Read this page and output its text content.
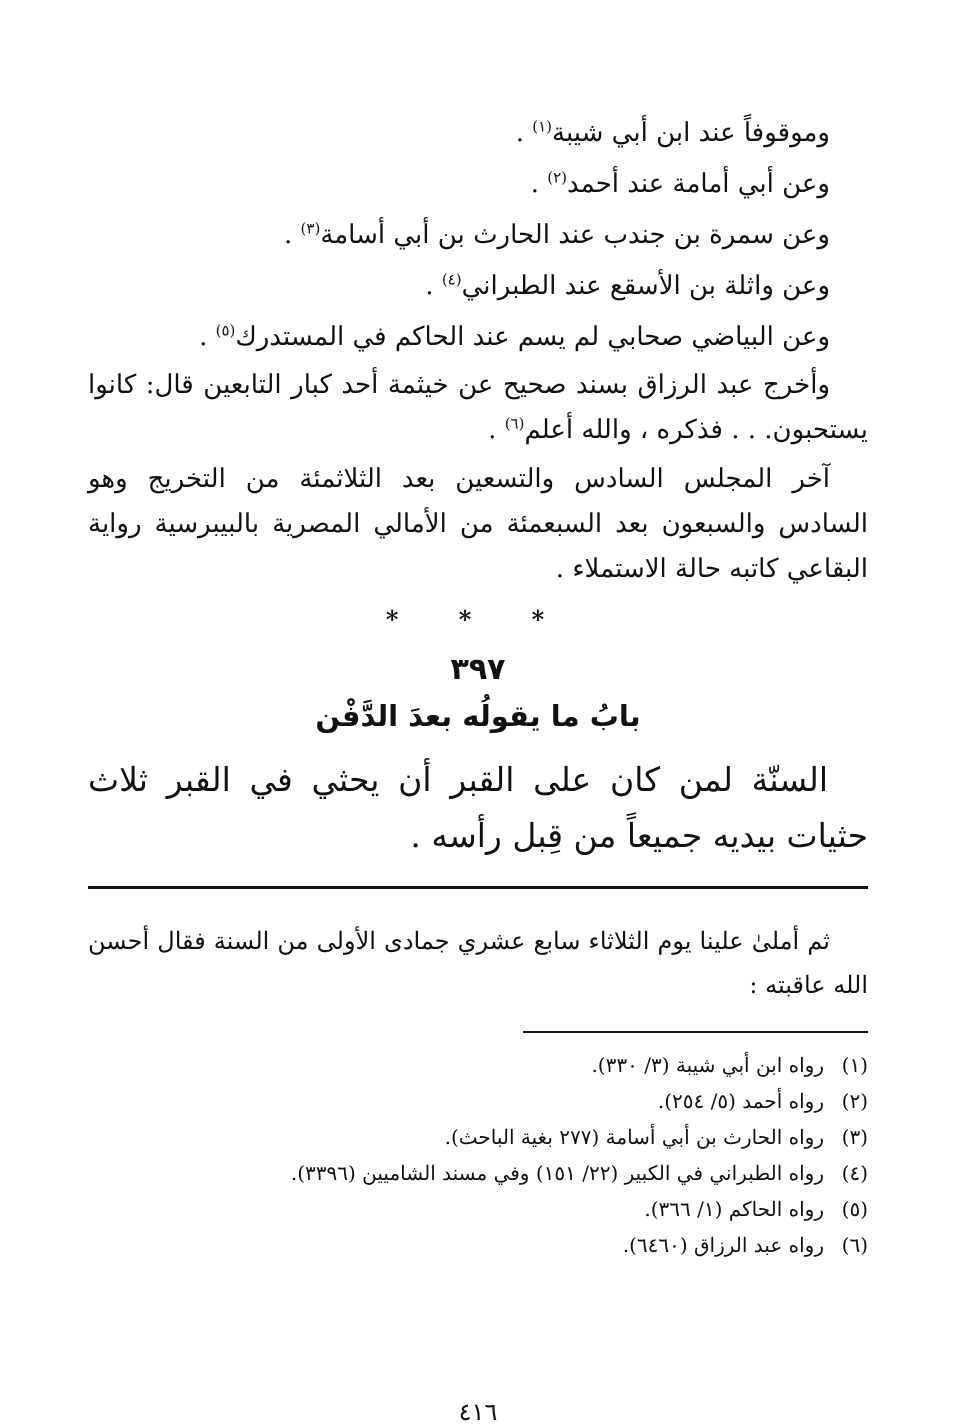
وموقوفاً عند ابن أبي شيبة$^{(١)}$ .
وعن أبي أمامة عند أحمد$^{(٢)}$ .
وعن سمرة بن جندب عند الحارث بن أبي أسامة$^{(٣)}$ .
وعن واثلة بن الأسقع عند الطبراني$^{(٤)}$ .
وعن البياضي صحابي لم يسم عند الحاكم في المستدرك$^{(٥)}$ .

وأخرج عبد الرزاق بسند صحيح عن خيثمة أحد كبار التابعين قال: كانوا يستحبون. . . فذكره ، والله أعلم$^{(٦)}$ .

آخر المجلس السادس والتسعين بعد الثلاثمئة من التخريج وهو السادس والسبعون بعد السبعمئة من الأمالي المصرية بالبيبرسية رواية البقاعي كاتبه حالة الاستملاء .

* * *
٣٩٧
بابُ ما يقولُه بعدَ الدَّفْن

السنّة لمن كان على القبر أن يحثي في القبر ثلاث حثيات بيديه جميعاً من قِبل رأسه .

ثم أملىٰ علينا يوم الثلاثاء سابع عشري جمادى الأولى من السنة فقال أحسن الله عاقبته :

(١)رواه ابن أبي شيبة (٣/ ٣٣٠).
(٢)رواه أحمد (٥/ ٢٥٤).
(٣)رواه الحارث بن أبي أسامة (٢٧٧ بغية الباحث).
(٤)رواه الطبراني في الكبير (٢٢/ ١٥١) وفي مسند الشاميين (٣٣٩٦).
(٥)رواه الحاكم (١/ ٣٦٦).
(٦)رواه عبد الرزاق (٦٤٦٠).
٤١٦
